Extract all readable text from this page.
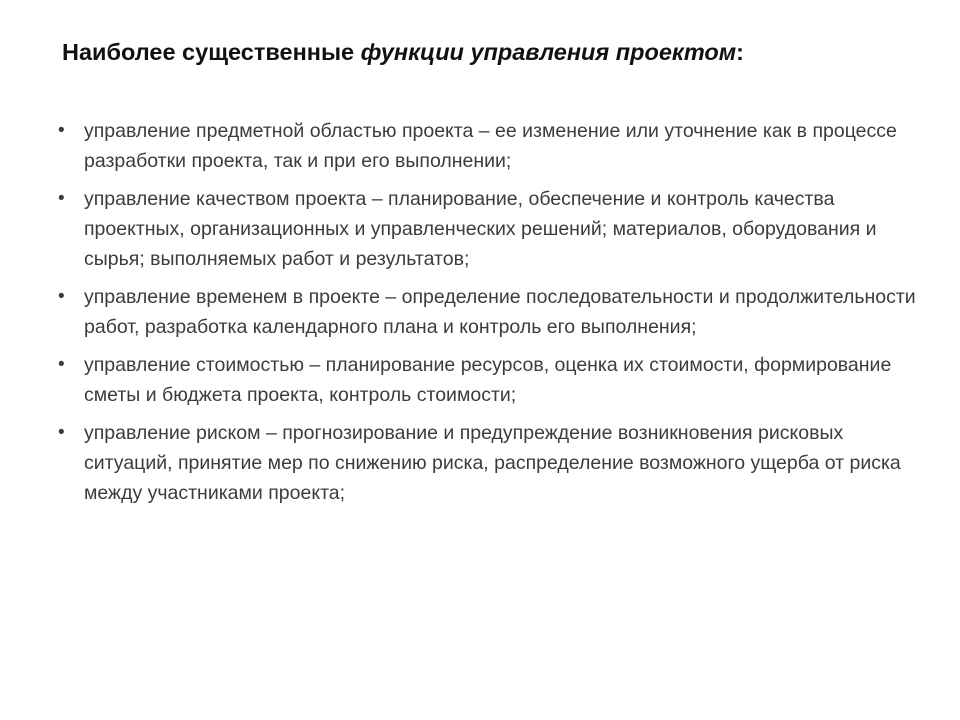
Наиболее существенные функции управления проектом:
• управление предметной областью проекта – ее изменение или уточнение как в процессе разработки проекта, так и при его выполнении;
• управление качеством проекта – планирование, обеспечение и контроль качества проектных, организационных и управленческих решений; материалов, оборудования и сырья; выполняемых работ и результатов;
• управление временем в проекте – определение последовательности и продолжительности работ, разработка календарного плана и контроль его выполнения;
• управление стоимостью – планирование ресурсов, оценка их стоимости, формирование сметы и бюджета проекта, контроль стоимости;
• управление риском – прогнозирование и предупреждение возникновения рисковых ситуаций, принятие мер по снижению риска, распределение возможного ущерба от риска между участниками проекта;
